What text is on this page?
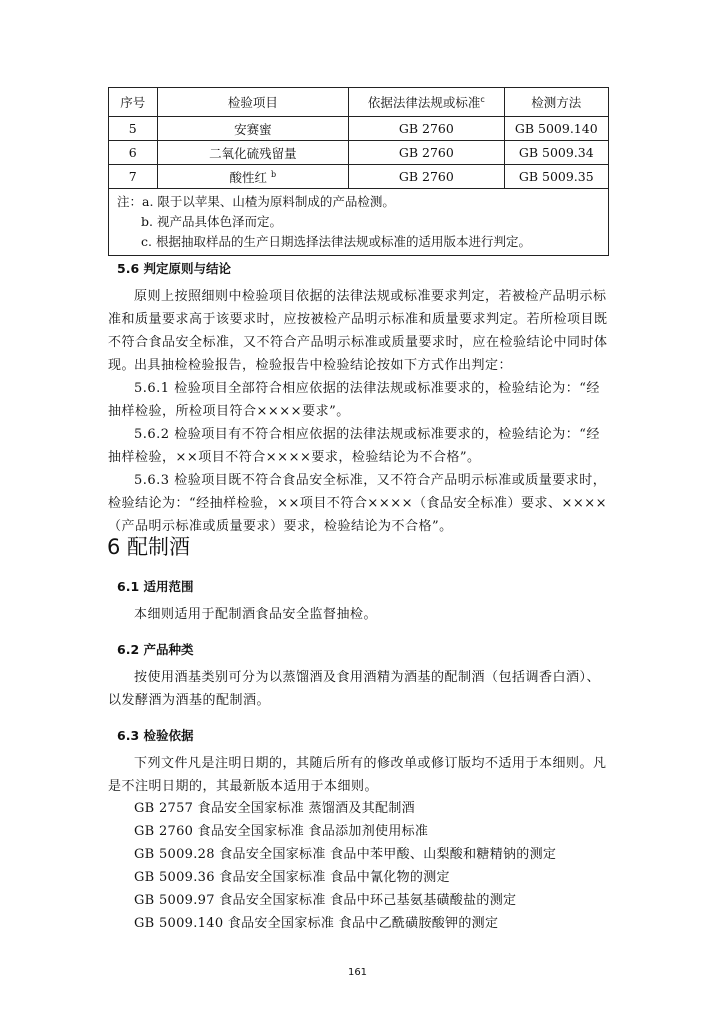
序号	检验项目	依据法律法规或标准$^c$	检测方法
5	安赛蜜	GB 2760	GB 5009.140
6	二氧化硫残留量	GB 2760	GB 5009.34
7	酸性红 $^b$	GB 2760	GB 5009.35

注：a. 限于以苹果、山楂为原料制成的产品检测。
b. 视产品具体色泽而定。
c. 根据抽取样品的生产日期选择法律法规或标准的适用版本进行判定。			
5.6 判定原则与结论
原则上按照细则中检验项目依据的法律法规或标准要求判定，若被检产品明示标准和质量要求高于该要求时，应按被检产品明示标准和质量要求判定。若所检项目既不符合食品安全标准，又不符合产品明示标准或质量要求时，应在检验结论中同时体现。
出具抽检检验报告，检验报告中检验结论按如下方式作出判定：
5.6.1 检验项目全部符合相应依据的法律法规或标准要求的，检验结论为：“经抽样检验，所检项目符合××××要求”。
5.6.2 检验项目有不符合相应依据的法律法规或标准要求的，检验结论为：“经抽样检验，××项目不符合××××要求，检验结论为不合格”。
5.6.3 检验项目既不符合食品安全标准，又不符合产品明示标准或质量要求时，检验结论为：“经抽样检验，××项目不符合××××（食品安全标准）要求、××××（产品明示标准或质量要求）要求，检验结论为不合格”。
6 配制酒
6.1 适用范围
本细则适用于配制酒食品安全监督抽检。
6.2 产品种类
按使用酒基类别可分为以蒸馏酒及食用酒精为酒基的配制酒（包括调香白酒）、以发酵酒为酒基的配制酒。
6.3 检验依据
下列文件凡是注明日期的，其随后所有的修改单或修订版均不适用于本细则。凡是不注明日期的，其最新版本适用于本细则。
GB 2757 食品安全国家标准 蒸馏酒及其配制酒
GB 2760 食品安全国家标准 食品添加剂使用标准
GB 5009.28 食品安全国家标准 食品中苯甲酸、山梨酸和糖精钠的测定
GB 5009.36 食品安全国家标准 食品中氰化物的测定
GB 5009.97 食品安全国家标准 食品中环己基氨基磺酸盐的测定
GB 5009.140 食品安全国家标准 食品中乙酰磺胺酸钾的测定
161
